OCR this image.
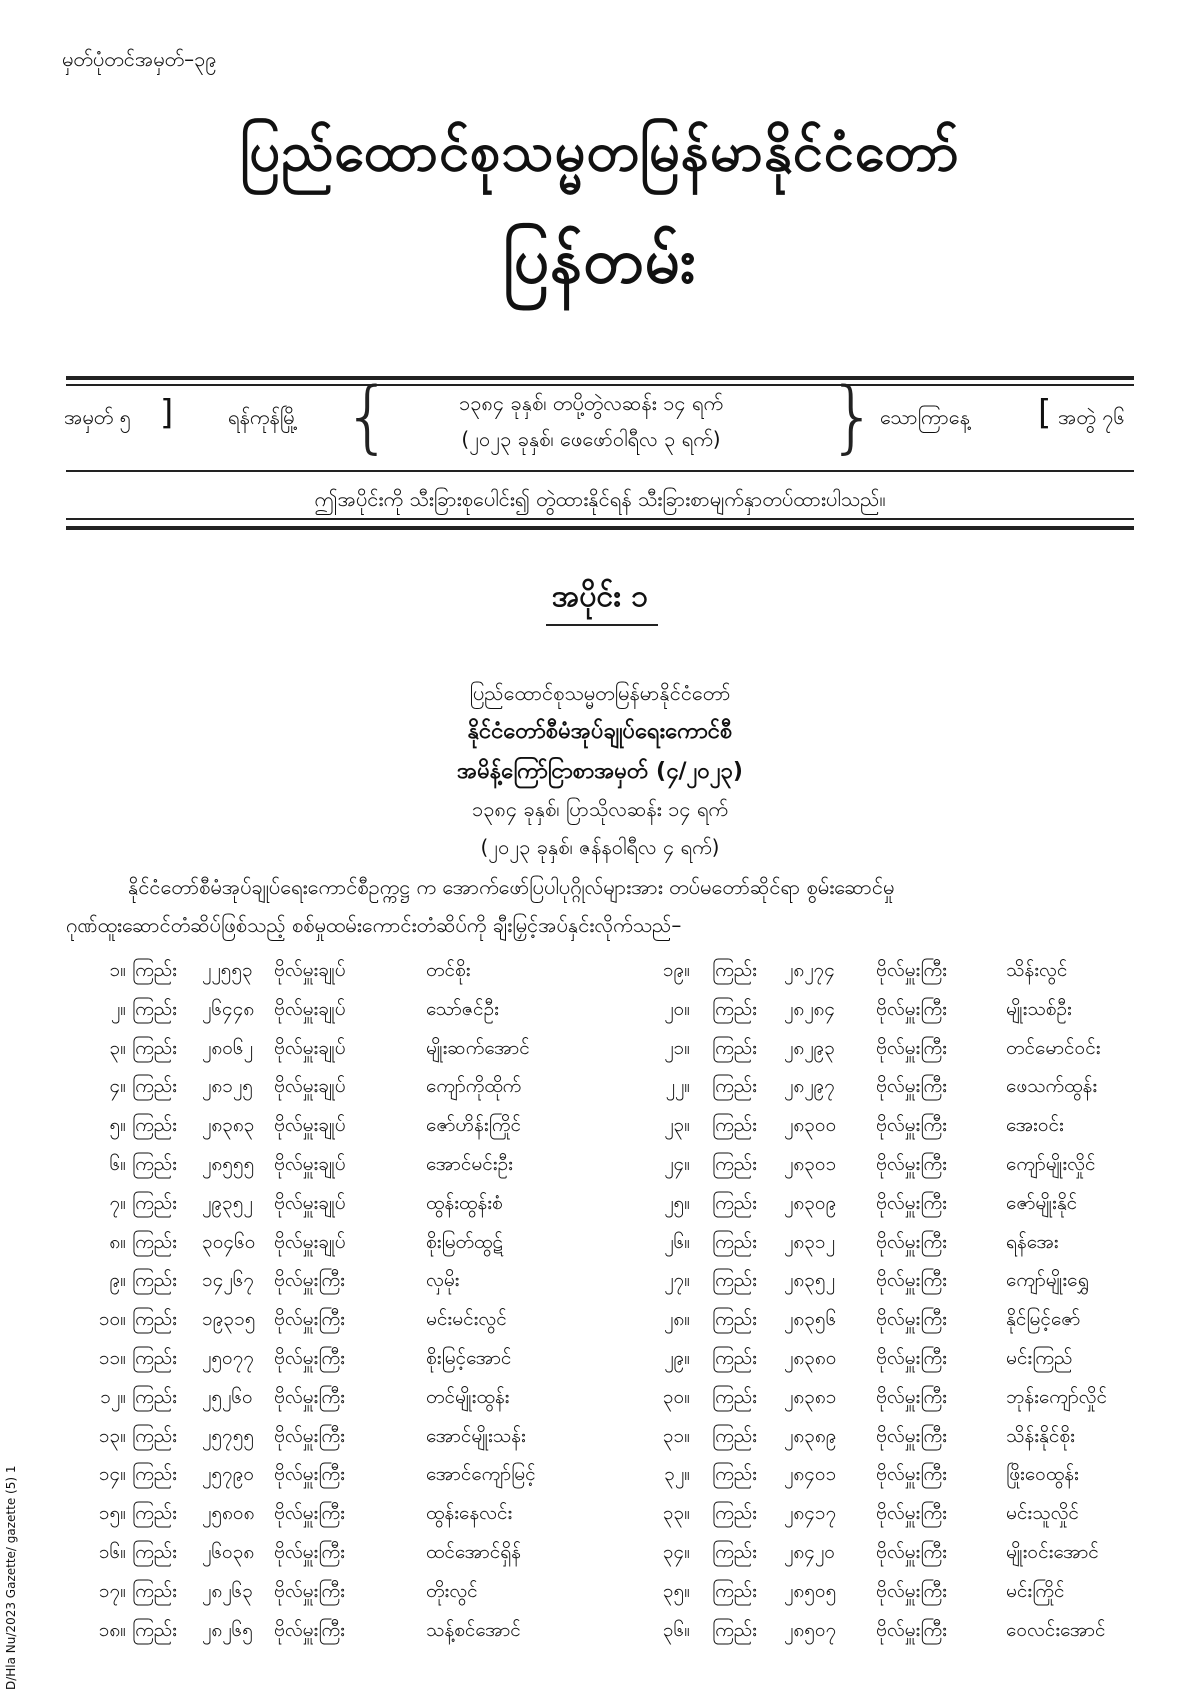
မှတ်ပုံတင်အမှတ်–၃၉
ပြည်ထောင်စုသမ္မတမြန်မာနိုင်ငံတော်
ပြန်တမ်း
အမှတ် ၅ ]	ရန်ကုန်မြို့ {	၁၃၈၄ ခုနှစ်၊ တပို့တွဲလဆန်း ၁၄ ရက်
(၂၀၂၃ ခုနှစ်၊ ဖေဖော်ဝါရီလ ၃ ရက်)	} သောကြာနေ့ [ အတွဲ ၇၆
ဤအပိုင်းကို သီးခြားစုပေါင်း၍ တွဲထားနိုင်ရန် သီးခြားစာမျက်နှာတပ်ထားပါသည်။
အပိုင်း ၁
ပြည်ထောင်စုသမ္မတမြန်မာနိုင်ငံတော်
နိုင်ငံတော်စီမံအုပ်ချုပ်ရေးကောင်စီ
အမိန့်ကြော်ငြာစာအမှတ် (၄/၂၀၂၃)
၁၃၈၄ ခုနှစ်၊ ပြာသိုလဆန်း ၁၄ ရက်
(၂၀၂၃ ခုနှစ်၊ ဇန်နဝါရီလ ၄ ရက်)
နိုင်ငံတော်စီမံအုပ်ချုပ်ရေးကောင်စီဥက္ကဋ္ဌ က အောက်ဖော်ပြပါပုဂ္ဂိုလ်များအား တပ်မတော်ဆိုင်ရာ စွမ်းဆောင်မှု
ဂုဏ်ထူးဆောင်တံဆိပ်ဖြစ်သည့် စစ်မှုထမ်းကောင်းတံဆိပ်ကို ချီးမြှင့်အပ်နှင်းလိုက်သည်–
၁။ ကြည်း ၂၂၅၅၃ ဗိုလ်မှူးချုပ်	တင်စိုး
၂။ ကြည်း ၂၆၄၄၈ ဗိုလ်မှူးချုပ်	သော်ဇင်ဦး
၃။ ကြည်း ၂၈၀၆၂ ဗိုလ်မှူးချုပ်	မျိုးဆက်အောင်
၄။ ကြည်း ၂၈၁၂၅ ဗိုလ်မှူးချုပ်	ကျော်ကိုထိုက်
၅။ ကြည်း ၂၈၃၈၃ ဗိုလ်မှူးချုပ်	ဇော်ဟိန်းကြိုင်
၆။ ကြည်း ၂၈၅၅၅ ဗိုလ်မှူးချုပ်	အောင်မင်းဦး
၇။ ကြည်း ၂၉၃၅၂ ဗိုလ်မှူးချုပ်	ထွန်းထွန်းစံ
၈။ ကြည်း ၃၀၄၆၀ ဗိုလ်မှူးချုပ်	စိုးမြတ်ထွဋ်
၉။ ကြည်း ၁၄၂၆၇ ဗိုလ်မှူးကြီး	လှမိုး
၁၀။ ကြည်း ၁၉၃၁၅ ဗိုလ်မှူးကြီး	မင်းမင်းလွင်
၁၁။ ကြည်း ၂၅၀၇၇ ဗိုလ်မှူးကြီး	စိုးမြင့်အောင်
၁၂။ ကြည်း ၂၅၂၆၀ ဗိုလ်မှူးကြီး	တင်မျိုးထွန်း
၁၃။ ကြည်း ၂၅၇၅၅ ဗိုလ်မှူးကြီး	အောင်မျိုးသန်း
၁၄။ ကြည်း ၂၅၇၉၀ ဗိုလ်မှူးကြီး	အောင်ကျော်မြင့်
၁၅။ ကြည်း ၂၅၈၀၈ ဗိုလ်မှူးကြီး	ထွန်းနေလင်း
၁၆။ ကြည်း ၂၆၀၃၈ ဗိုလ်မှူးကြီး	ထင်အောင်ရှိန်
၁၇။ ကြည်း ၂၈၂၆၃ ဗိုလ်မှူးကြီး	တိုးလွင်
၁၈။ ကြည်း ၂၈၂၆၅ ဗိုလ်မှူးကြီး	သန့်စင်အောင်
၁၉။ ကြည်း ၂၈၂၇၄ ဗိုလ်မှူးကြီး	သိန်းလွင်
၂၀။ ကြည်း ၂၈၂၈၄ ဗိုလ်မှူးကြီး	မျိုးသစ်ဦး
၂၁။ ကြည်း ၂၈၂၉၃ ဗိုလ်မှူးကြီး	တင်မောင်ဝင်း
၂၂။ ကြည်း ၂၈၂၉၇ ဗိုလ်မှူးကြီး	ဖေသက်ထွန်း
၂၃။ ကြည်း ၂၈၃၀၀ ဗိုလ်မှူးကြီး	အေးဝင်း
၂၄။ ကြည်း ၂၈၃၀၁ ဗိုလ်မှူးကြီး	ကျော်မျိုးလှိုင်
၂၅။ ကြည်း ၂၈၃၀၉ ဗိုလ်မှူးကြီး	ဇော်မျိုးနိုင်
၂၆။ ကြည်း ၂၈၃၁၂ ဗိုလ်မှူးကြီး	ရန်အေး
၂၇။ ကြည်း ၂၈၃၅၂ ဗိုလ်မှူးကြီး	ကျော်မျိုးရွှေ
၂၈။ ကြည်း ၂၈၃၅၆ ဗိုလ်မှူးကြီး	နိုင်မြင့်ဇော်
၂၉။ ကြည်း ၂၈၃၈၀ ဗိုလ်မှူးကြီး	မင်းကြည်
၃၀။ ကြည်း ၂၈၃၈၁ ဗိုလ်မှူးကြီး	ဘုန်းကျော်လှိုင်
၃၁။ ကြည်း ၂၈၃၈၉ ဗိုလ်မှူးကြီး	သိန်းနိုင်စိုး
၃၂။ ကြည်း ၂၈၄၀၁ ဗိုလ်မှူးကြီး	ဖြိုးဝေထွန်း
၃၃။ ကြည်း ၂၈၄၁၇ ဗိုလ်မှူးကြီး	မင်းသူလှိုင်
၃၄။ ကြည်း ၂၈၄၂၀ ဗိုလ်မှူးကြီး	မျိုးဝင်းအောင်
၃၅။ ကြည်း ၂၈၅၀၅ ဗိုလ်မှူးကြီး	မင်းကြိုင်
၃၆။ ကြည်း ၂၈၅၀၇ ဗိုလ်မှူးကြီး	ဝေလင်းအောင်
D/Hla Nu/2023 Gazette/ gazette (5) 1
